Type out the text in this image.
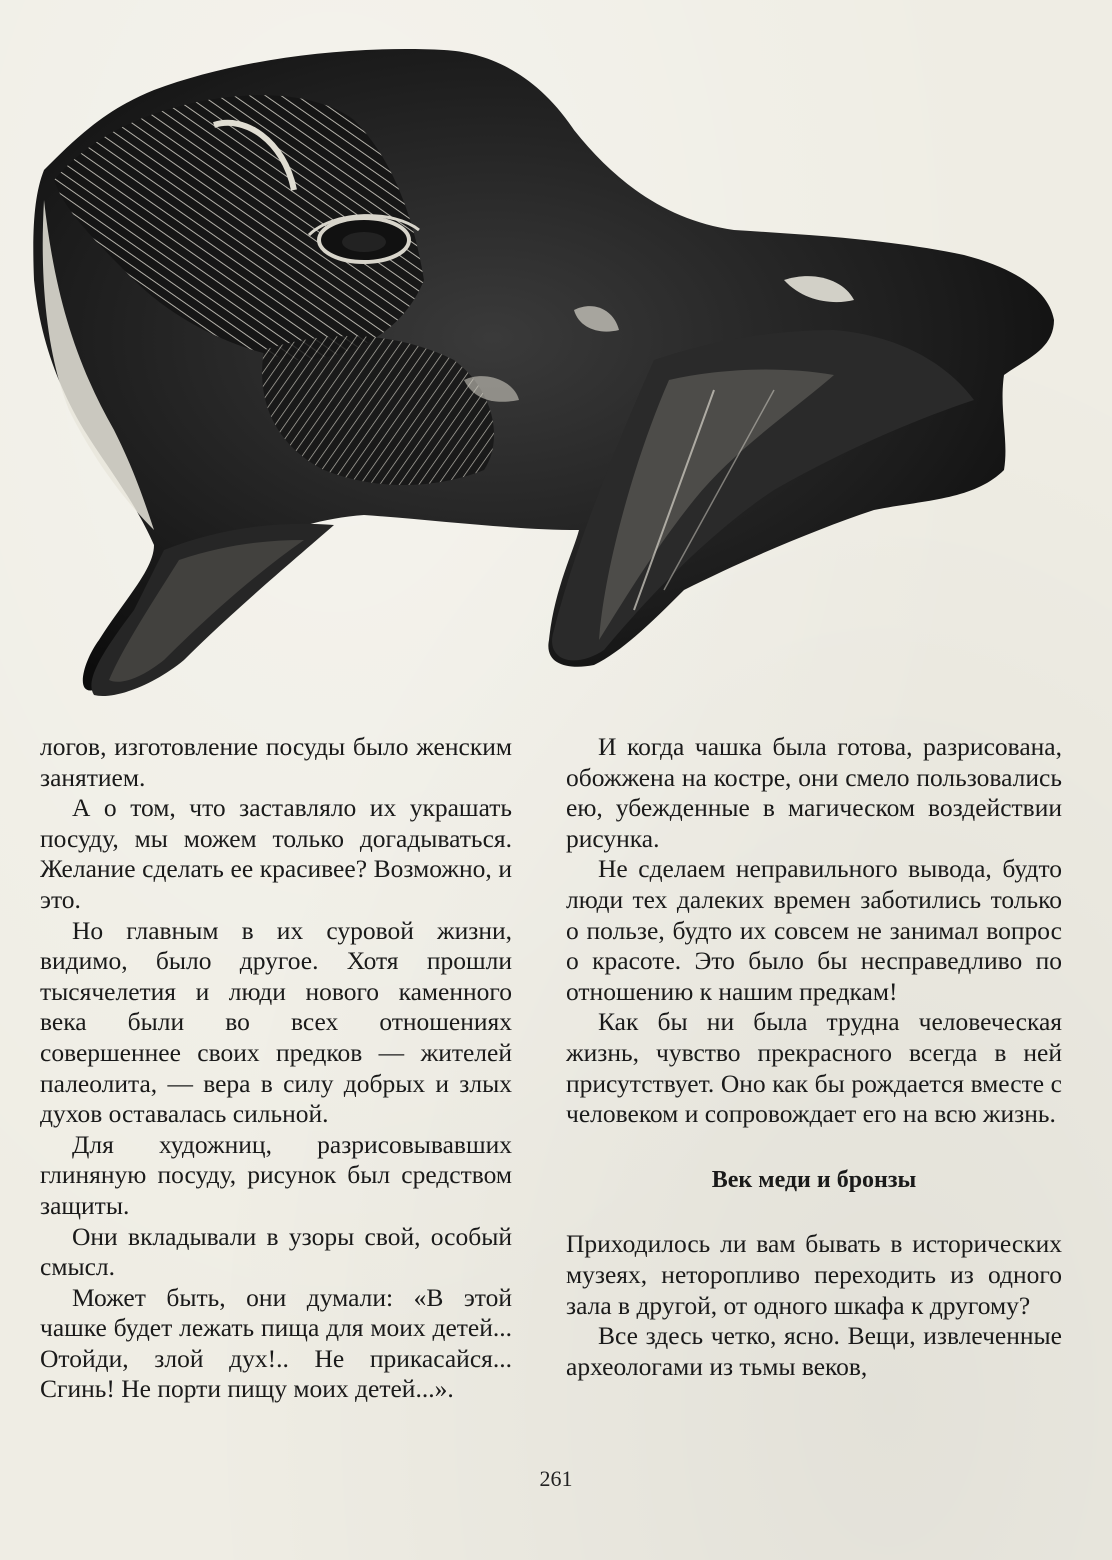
логов, изготовление посуды было женским занятием.

А о том, что заставляло их украшать посуду, мы можем только догадываться. Желание сделать ее красивее? Возможно, и это.

Но главным в их суровой жизни, видимо, было другое. Хотя прошли тысячелетия и люди нового каменного века были во всех отношениях совершеннее своих предков — жителей палеолита, — вера в силу добрых и злых духов оставалась сильной.

Для художниц, разрисовывавших глиняную посуду, рисунок был средством защиты.

Они вкладывали в узоры свой, особый смысл.

Может быть, они думали: «В этой чашке будет лежать пища для моих детей... Отойди, злой дух!.. Не прикасайся... Сгинь! Не порти пищу моих детей...».

И когда чашка была готова, разрисована, обожжена на костре, они смело пользовались ею, убежденные в магическом воздействии рисунка.

Не сделаем неправильного вывода, будто люди тех далеких времен заботились только о пользе, будто их совсем не занимал вопрос о красоте. Это было бы несправедливо по отношению к нашим предкам!

Как бы ни была трудна человеческая жизнь, чувство прекрасного всегда в ней присутствует. Оно как бы рождается вместе с человеком и сопровождает его на всю жизнь.

Век меди и бронзы

Приходилось ли вам бывать в исторических музеях, неторопливо переходить из одного зала в другой, от одного шкафа к другому?

Все здесь четко, ясно. Вещи, извлеченные археологами из тьмы веков,

261
